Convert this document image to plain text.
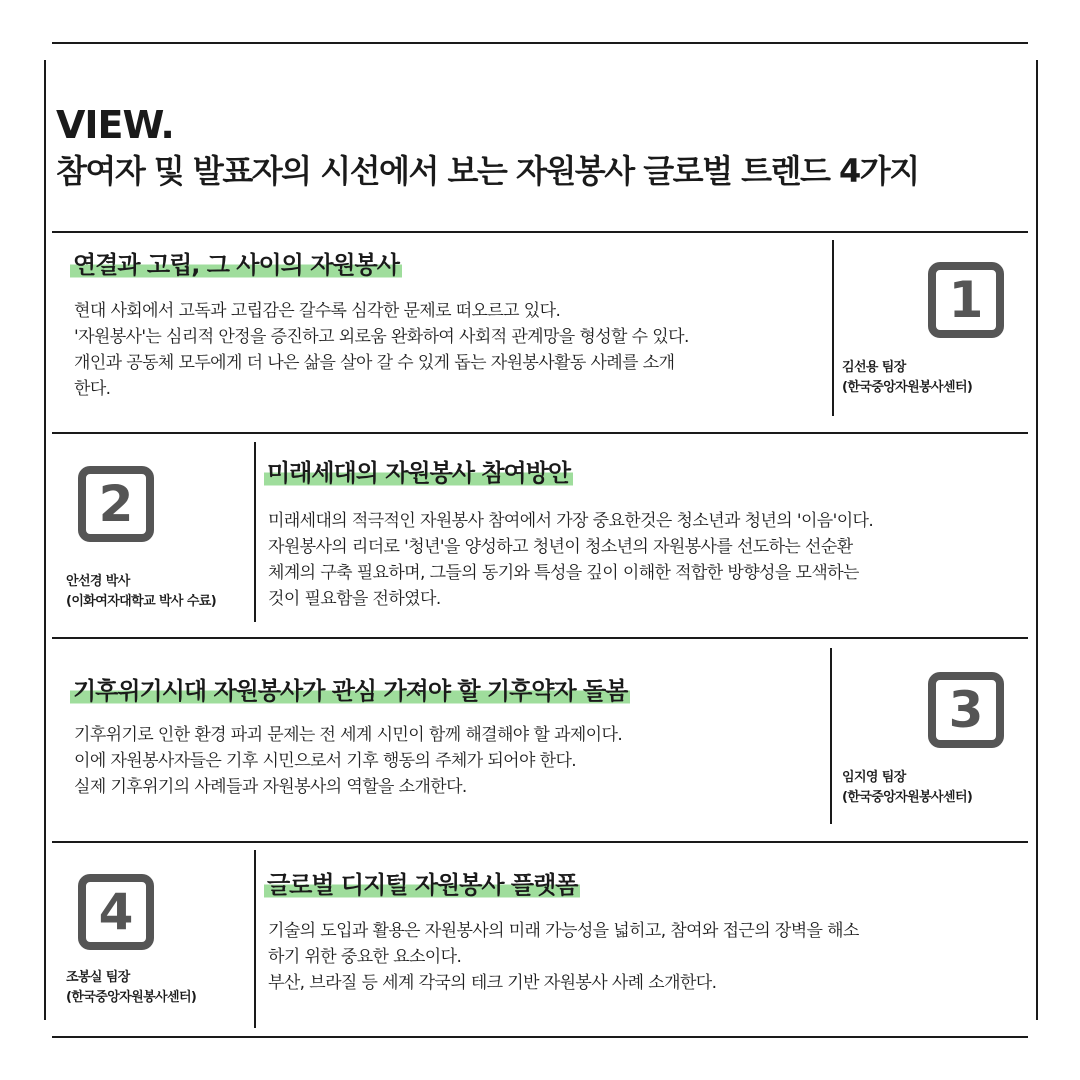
VIEW.
참여자 및 발표자의 시선에서 보는 자원봉사 글로벌 트렌드 4가지
연결과 고립, 그 사이의 자원봉사

현대 사회에서 고독과 고립감은 갈수록 심각한 문제로 떠오르고 있다.

'자원봉사'는 심리적 안정을 증진하고 외로움 완화하여 사회적 관계망을 형성할 수 있다.

개인과 공동체 모두에게 더 나은 삶을 살아 갈 수 있게 돕는 자원봉사활동 사례를 소개

한다.

1
김선용 팀장
(한국중앙자원봉사센터)
2
안선경 박사
(이화여자대학교 박사 수료)
미래세대의 자원봉사 참여방안

미래세대의 적극적인 자원봉사 참여에서 가장 중요한것은 청소년과 청년의 '이음'이다.

자원봉사의 리더로 '청년'을 양성하고 청년이 청소년의 자원봉사를 선도하는 선순환

체계의 구축 필요하며, 그들의 동기와 특성을 깊이 이해한 적합한 방향성을 모색하는

것이 필요함을 전하였다.

기후위기시대 자원봉사가 관심 가져야 할 기후약자 돌봄

기후위기로 인한 환경 파괴 문제는 전 세계 시민이 함께 해결해야 할 과제이다.

이에 자원봉사자들은 기후 시민으로서 기후 행동의 주체가 되어야 한다.

실제 기후위기의 사례들과 자원봉사의 역할을 소개한다.

3
임지영 팀장
(한국중앙자원봉사센터)
4
조봉실 팀장
(한국중앙자원봉사센터)
글로벌 디지털 자원봉사 플랫폼

기술의 도입과 활용은 자원봉사의 미래 가능성을 넓히고, 참여와 접근의 장벽을 해소

하기 위한 중요한 요소이다.

부산, 브라질 등 세계 각국의 테크 기반 자원봉사 사례 소개한다.
